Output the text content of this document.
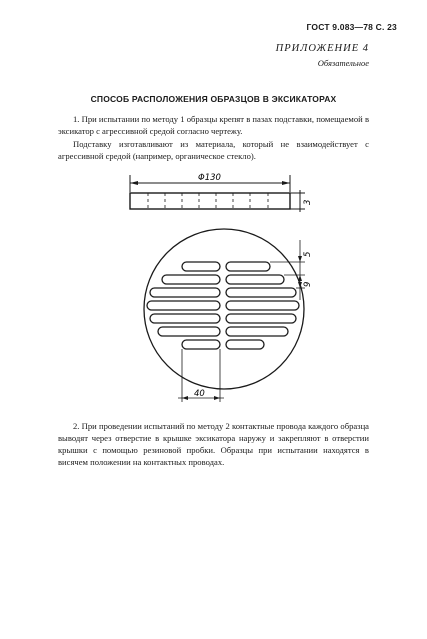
ГОСТ 9.083—78 С. 23
ПРИЛОЖЕНИЕ 4
Обязательное
СПОСОБ РАСПОЛОЖЕНИЯ ОБРАЗЦОВ В ЭКСИКАТОРАХ
1. При испытании по методу 1 образцы крепят в пазах подставки, помещаемой в эксикатор с агрессивной средой согласно чертежу.
Подставку изготавливают из материала, который не взаимодействует с агрессивной средой (например, органическое стекло).
Φ130
3
5
9
40
2. При проведении испытаний по методу 2 контактные провода каждого образца выводят через отверстие в крышке эксикатора наружу и закрепляют в отверстии крышки с помощью резиновой пробки. Образцы при испытании находятся в висячем положении на контактных проводах.
